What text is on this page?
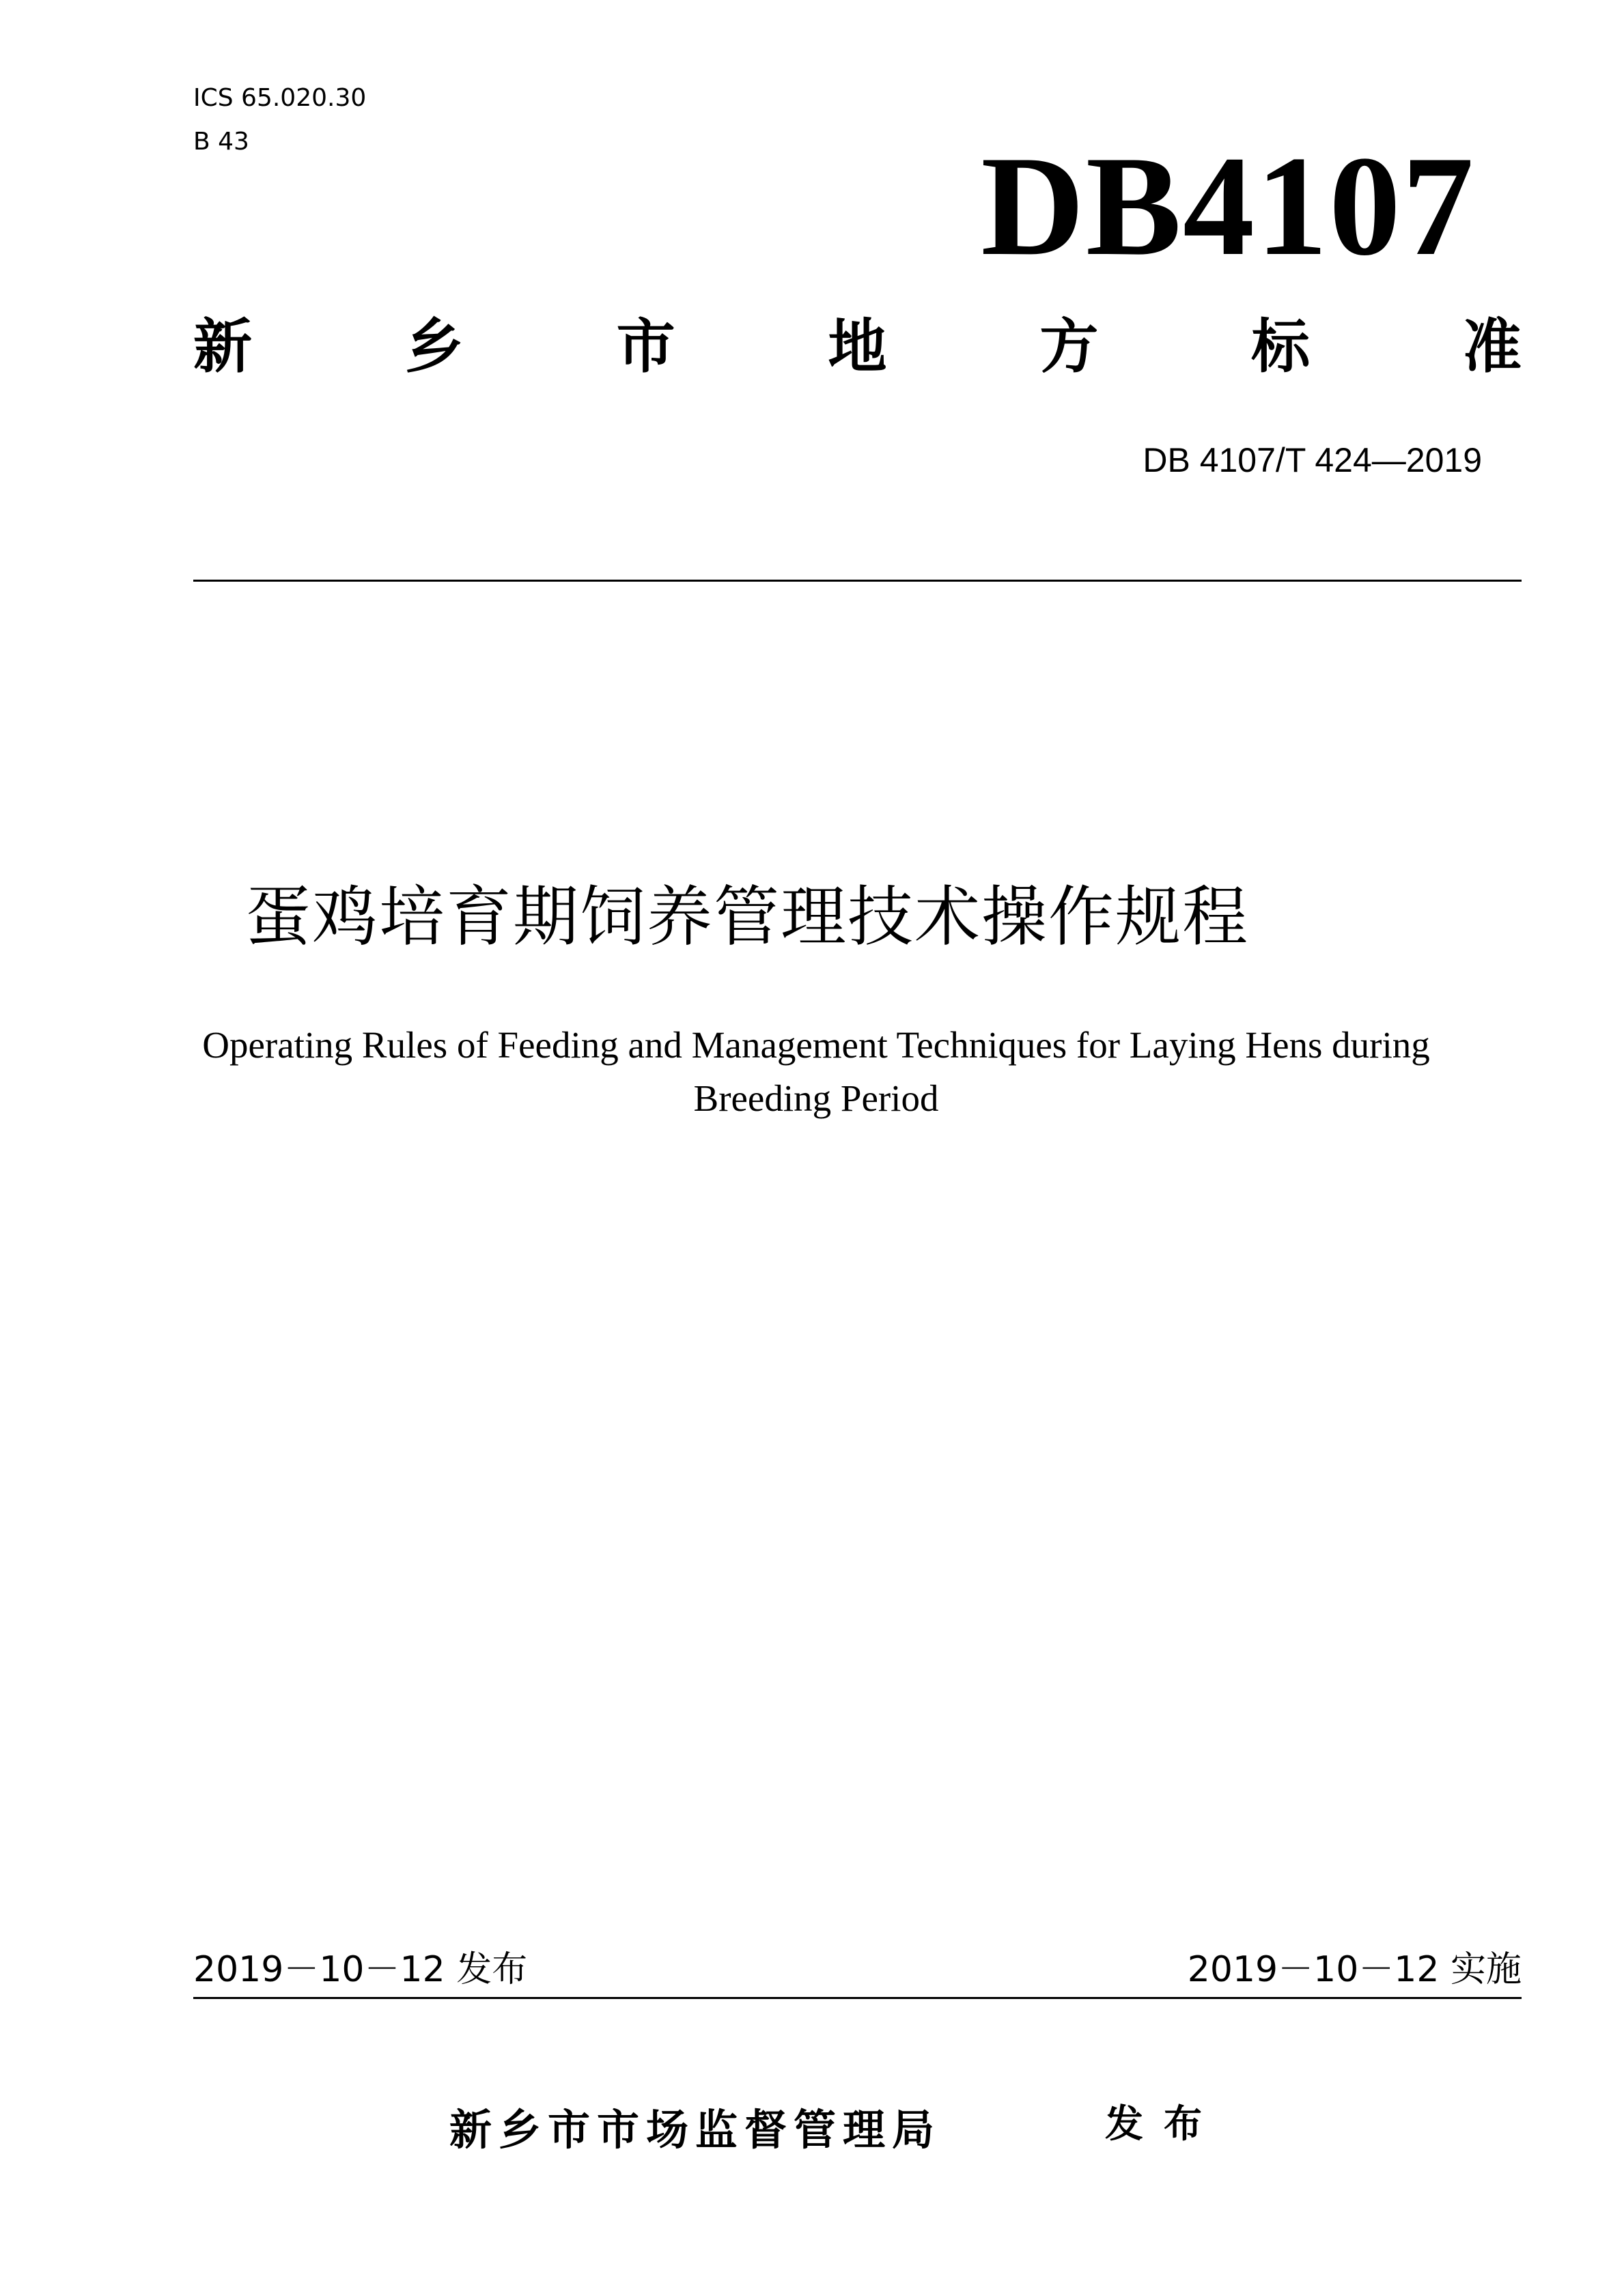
ICS 65.020.30
B 43	DB4107
新	乡	市	地	方	标	准
DB 4107/T 424—2019
蛋鸡培育期饲养管理技术操作规程
Operating Rules of Feeding and Management Techniques for Laying Hens during
Breeding Period
2019－10－12 发布	2019－10－12 实施
新乡市市场监督管理局	发布
